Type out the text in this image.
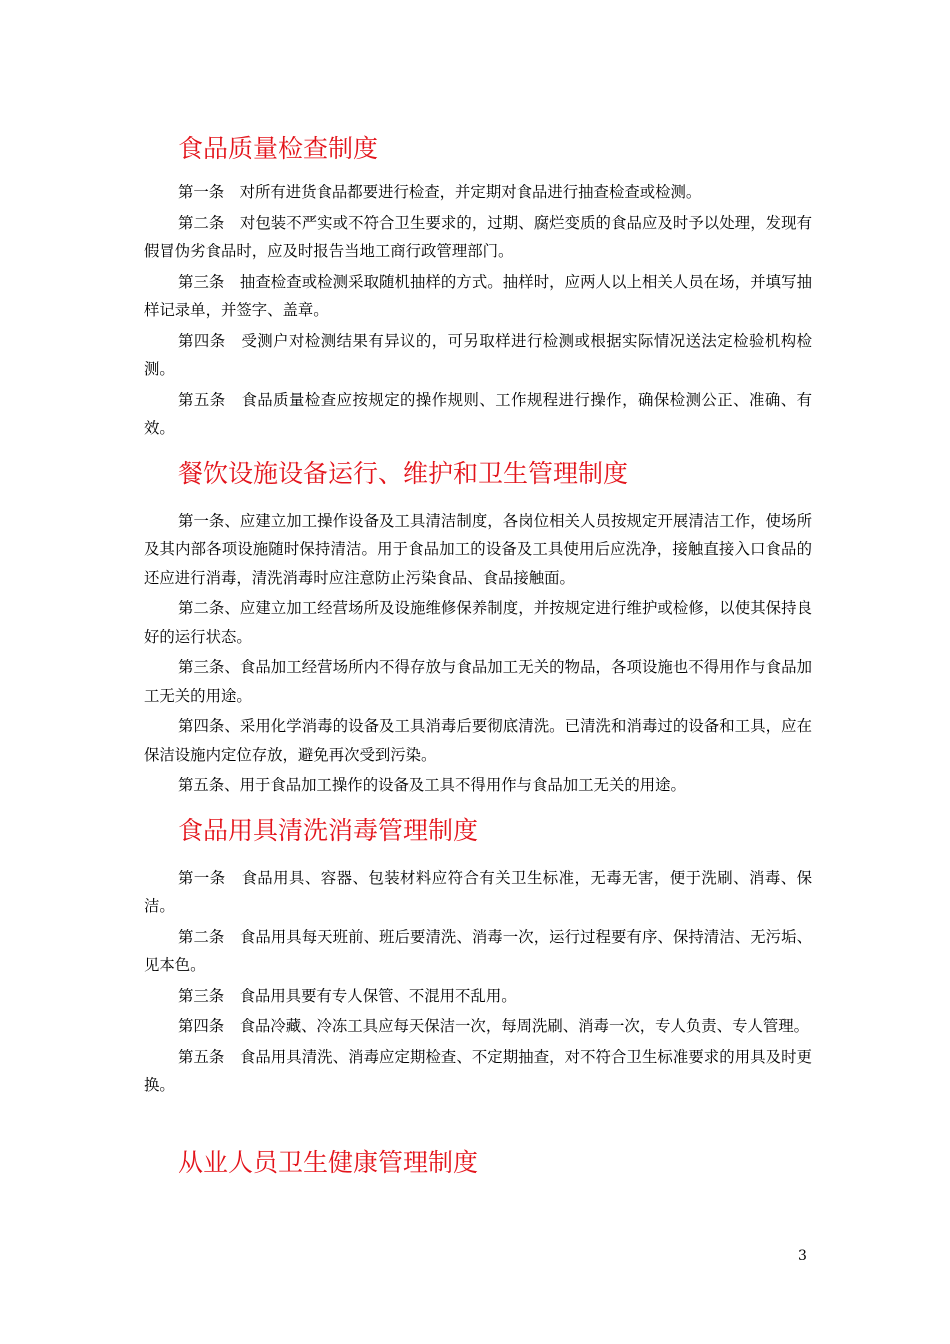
食品质量检查制度

第一条　对所有进货食品都要进行检查，并定期对食品进行抽查检查或检测。

第二条　对包装不严实或不符合卫生要求的，过期、腐烂变质的食品应及时予以处理，发现有假冒伪劣食品时，应及时报告当地工商行政管理部门。

第三条　抽查检查或检测采取随机抽样的方式。抽样时，应两人以上相关人员在场，并填写抽样记录单，并签字、盖章。

第四条　受测户对检测结果有异议的，可另取样进行检测或根据实际情况送法定检验机构检测。

第五条　食品质量检查应按规定的操作规则、工作规程进行操作，确保检测公正、准确、有效。

餐饮设施设备运行、维护和卫生管理制度

第一条、应建立加工操作设备及工具清洁制度，各岗位相关人员按规定开展清洁工作，使场所及其内部各项设施随时保持清洁。用于食品加工的设备及工具使用后应洗净，接触直接入口食品的还应进行消毒，清洗消毒时应注意防止污染食品、食品接触面。

第二条、应建立加工经营场所及设施维修保养制度，并按规定进行维护或检修，以使其保持良好的运行状态。

第三条、食品加工经营场所内不得存放与食品加工无关的物品，各项设施也不得用作与食品加工无关的用途。

第四条、采用化学消毒的设备及工具消毒后要彻底清洗。已清洗和消毒过的设备和工具，应在保洁设施内定位存放，避免再次受到污染。

第五条、用于食品加工操作的设备及工具不得用作与食品加工无关的用途。

食品用具清洗消毒管理制度

第一条　食品用具、容器、包装材料应符合有关卫生标准，无毒无害，便于洗刷、消毒、保洁。

第二条　食品用具每天班前、班后要清洗、消毒一次，运行过程要有序、保持清洁、无污垢、见本色。

第三条　食品用具要有专人保管、不混用不乱用。

第四条　食品冷藏、冷冻工具应每天保洁一次，每周洗刷、消毒一次，专人负责、专人管理。

第五条　食品用具清洗、消毒应定期检查、不定期抽查，对不符合卫生标准要求的用具及时更换。

从业人员卫生健康管理制度
3
